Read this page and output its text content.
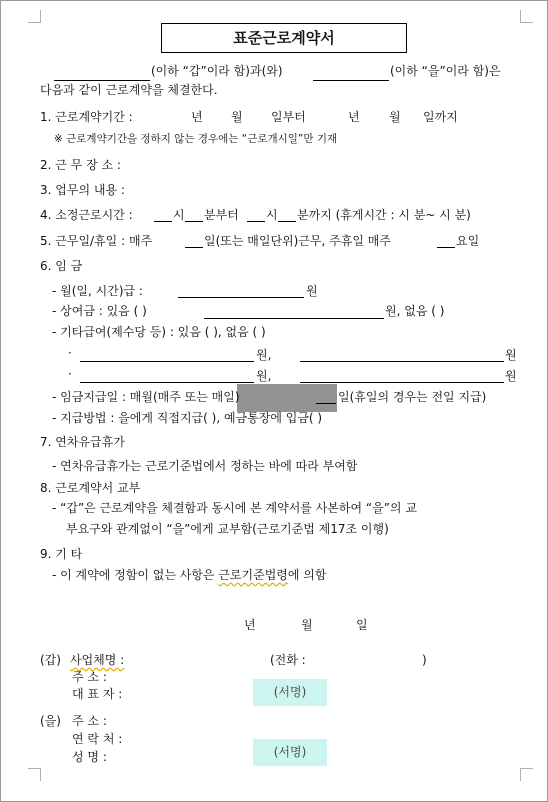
표준근로계약서
(이하 “갑”이라 함)과(와)	(이하 “을”이라 함)은
다음과 같이 근로계약을 체결한다.
1. 근로계약기간 :	년 월 일부터	년 월 일까지
※ 근로계약기간을 정하지 않는 경우에는 “근로개시일”만 기재
2. 근 무 장 소 :
3. 업무의 내용 :
4. 소정근로시간 :	시 분부터 시 분까지 (휴게시간 : 시 분~ 시 분)
5. 근무일/휴일 : 매주	일(또는 매일단위)근무, 주휴일 매주	요일
6. 임 금
- 월(일, 시간)급 :	원
- 상여금 : 있음 ( )	원, 없음 ( )
- 기타급여(제수당 등) : 있음 ( ), 없음 ( )
·	원,	원
·	원,	원
- 임금지급일 : 매월(매주 또는 매일)	일(휴일의 경우는 전일 지급)
- 지급방법 : 을에게 직접지급( ), 예금통장에 입금( )
7. 연차유급휴가
- 연차유급휴가는 근로기준법에서 정하는 바에 따라 부여함
8. 근로계약서 교부
- “갑”은 근로계약을 체결함과 동시에 본 계약서를 사본하여 “을”의 교
부요구와 관계없이 “을”에게 교부함(근로기준법 제17조 이행)
9. 기 타
- 이 계약에 정함이 없는 사항은 근로기준법령에 의함
년	월	일
(갑) 사업체명 :	(전화 :	)
주 소 :
대 표 자 :	(서명)
(을) 주 소 :
연 락 처 :
성 명 :	(서명)
